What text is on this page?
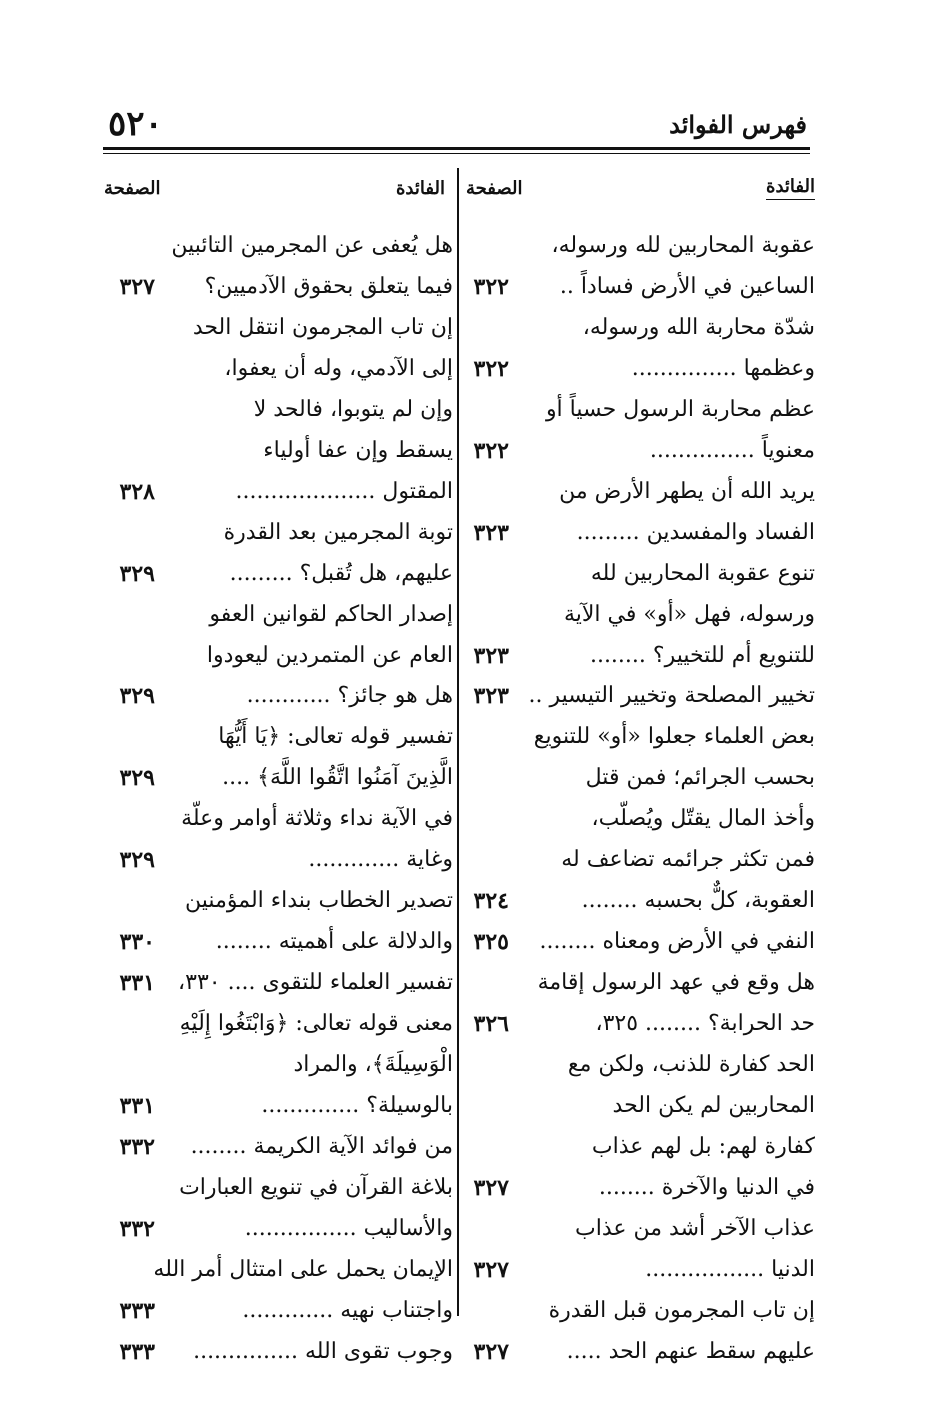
٥٢٠	فهرس الفوائد
الفائدة
الصفحة
الفائدة
الصفحة
عقوبة المحاربين لله ورسوله،
الساعين في الأرض فساداً ..
٣٢٢
شدّة محاربة الله ورسوله،
وعظمها ...............
٣٢٢
عظم محاربة الرسول حسياً أو
معنوياً ...............
٣٢٢
يريد الله أن يطهر الأرض من
الفساد والمفسدين .........
٣٢٣
تنوع عقوبة المحاربين لله
ورسوله، فهل «أو» في الآية
للتنويع أم للتخيير؟ ........
٣٢٣
تخيير المصلحة وتخيير التيسير ..
٣٢٣
بعض العلماء جعلوا «أو» للتنويع
بحسب الجرائم؛ فمن قتل
وأخذ المال يقتّل ويُصلّب،
فمن تكثر جرائمه تضاعف له
العقوبة، كلٌّ بحسبه ........
٣٢٤
النفي في الأرض ومعناه ........
٣٢٥
هل وقع في عهد الرسول إقامة
حد الحرابة؟ ........ ٣٢٥،
٣٢٦
الحد كفارة للذنب، ولكن مع
المحاربين لم يكن الحد
كفارة لهم: بل لهم عذاب
في الدنيا والآخرة ........
٣٢٧
عذاب الآخر أشد من عذاب
الدنيا .................
٣٢٧
إن تاب المجرمون قبل القدرة
عليهم سقط عنهم الحد .....
٣٢٧
هل يُعفى عن المجرمين التائبين
فيما يتعلق بحقوق الآدميين؟
٣٢٧
إن تاب المجرمون انتقل الحد
إلى الآدمي، وله أن يعفوا،
وإن لم يتوبوا، فالحد لا
يسقط وإن عفا أولياء
المقتول ....................
٣٢٨
توبة المجرمين بعد القدرة
عليهم، هل تُقبل؟ .........
٣٢٩
إصدار الحاكم لقوانين العفو
العام عن المتمردين ليعودوا
هل هو جائز؟ ............
٣٢٩
تفسير قوله تعالى: ﴿يَا أَيُّهَا
الَّذِينَ آمَنُوا اتَّقُوا اللَّهَ﴾ ....
٣٢٩
في الآية نداء وثلاثة أوامر وعلّة
وغاية .............
٣٢٩
تصدير الخطاب بنداء المؤمنين
والدلالة على أهميته ........
٣٣٠
تفسير العلماء للتقوى .... ٣٣٠،
٣٣١
معنى قوله تعالى: ﴿وَابْتَغُوا إِلَيْهِ
الْوَسِيلَةَ﴾، والمراد
بالوسيلة؟ ..............
٣٣١
من فوائد الآية الكريمة ........
٣٣٢
بلاغة القرآن في تنويع العبارات
والأساليب ................
٣٣٢
الإيمان يحمل على امتثال أمر الله
واجتناب نهيه .............
٣٣٣
وجوب تقوى الله ...............
٣٣٣
